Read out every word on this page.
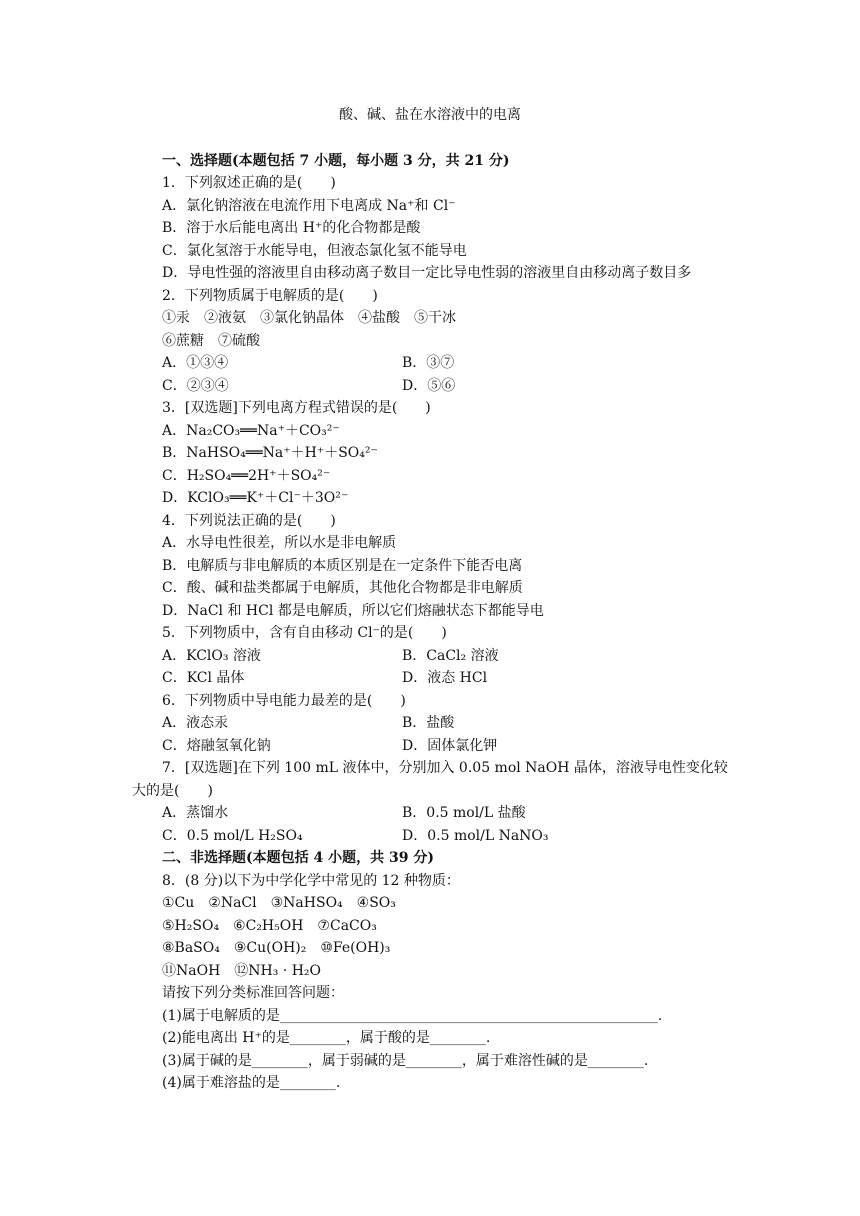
酸、碱、盐在水溶液中的电离
一、选择题(本题包括 7 小题，每小题 3 分，共 21 分)
1．下列叙述正确的是(　　)
A．氯化钠溶液在电流作用下电离成 Na⁺和 Cl⁻
B．溶于水后能电离出 H⁺的化合物都是酸
C．氯化氢溶于水能导电，但液态氯化氢不能导电
D．导电性强的溶液里自由移动离子数目一定比导电性弱的溶液里自由移动离子数目多
2．下列物质属于电解质的是(　　)
①汞　②液氨　③氯化钠晶体　④盐酸　⑤干冰
⑥蔗糖　⑦硫酸
A．①③④	B．③⑦
C．②③④	D．⑤⑥
3．[双选题]下列电离方程式错误的是(　　)
A．Na₂CO₃══Na⁺＋CO₃²⁻
B．NaHSO₄══Na⁺＋H⁺＋SO₄²⁻
C．H₂SO₄══2H⁺＋SO₄²⁻
D．KClO₃══K⁺＋Cl⁻＋3O²⁻
4．下列说法正确的是(　　)
A．水导电性很差，所以水是非电解质
B．电解质与非电解质的本质区别是在一定条件下能否电离
C．酸、碱和盐类都属于电解质，其他化合物都是非电解质
D．NaCl 和 HCl 都是电解质，所以它们熔融状态下都能导电
5．下列物质中，含有自由移动 Cl⁻的是(　　)
A．KClO₃ 溶液	B．CaCl₂ 溶液
C．KCl 晶体	D．液态 HCl
6．下列物质中导电能力最差的是(　　)
A．液态汞	B．盐酸
C．熔融氢氧化钠	D．固体氯化钾
7．[双选题]在下列 100 mL 液体中，分别加入 0.05 mol NaOH 晶体，溶液导电性变化较
大的是(　　)
A．蒸馏水	B．0.5 mol/L 盐酸
C．0.5 mol/L H₂SO₄	D．0.5 mol/L NaNO₃
二、非选择题(本题包括 4 小题，共 39 分)
8．(8 分)以下为中学化学中常见的 12 种物质：
①Cu　②NaCl　③NaHSO₄　④SO₃
⑤H₂SO₄　⑥C₂H₅OH　⑦CaCO₃
⑧BaSO₄　⑨Cu(OH)₂　⑩Fe(OH)₃
⑪NaOH　⑫NH₃ · H₂O
请按下列分类标准回答问题：
(1)属于电解质的是______________________________________________________.
(2)能电离出 H⁺的是________，属于酸的是________.
(3)属于碱的是________，属于弱碱的是________，属于难溶性碱的是________.
(4)属于难溶盐的是________.
